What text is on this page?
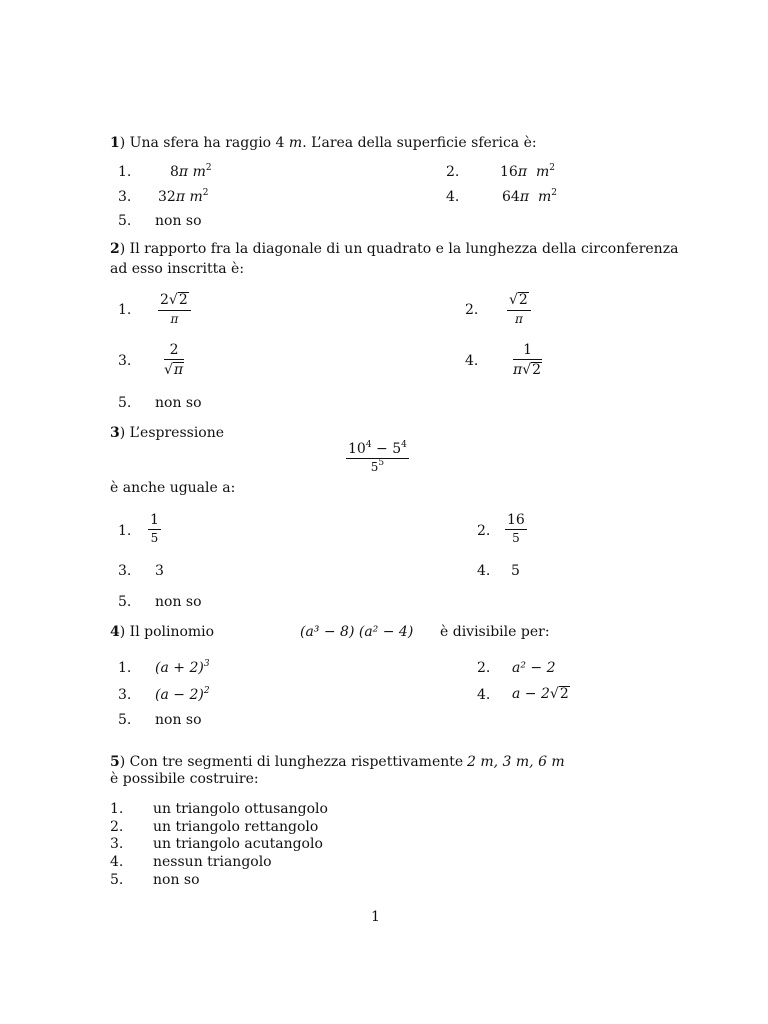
1) Una sfera ha raggio 4 m. L’area della superficie sferica è:
1.	8π $m^2$	2.	16π $m^2$
3. 32π $m^2$	4.	64π $m^2$
5. non so
2) Il rapporto fra la diagonale di un quadrato e la lunghezza della circonferenza
ad esso inscritta è:
1. $\frac{2√2}{\pi}$	2. $\frac{√2}{\pi}$
3. $\frac{2}{√\pi}$	4. $\frac{1}{\pi√2}$
5. non so
3) L’espressione
$\frac{10^4 - 5^4}{5^5}$
è anche uguale a:
1. $\frac{1}{5}$	2. $\frac{16}{5}$
3. 3	4. 5
5. non so
4) Il polinomio	(a³ − 8) (a² − 4) è divisibile per:
1. $(a + 2)^3$	2. a² − 2
3. $(a - 2)^2$	4. a − 2√2
5. non so
5) Con tre segmenti di lunghezza rispettivamente 2 m, 3 m, 6 m
è possibile costruire:
1. un triangolo ottusangolo
2. un triangolo rettangolo
3. un triangolo acutangolo
4. nessun triangolo
5. non so
1
